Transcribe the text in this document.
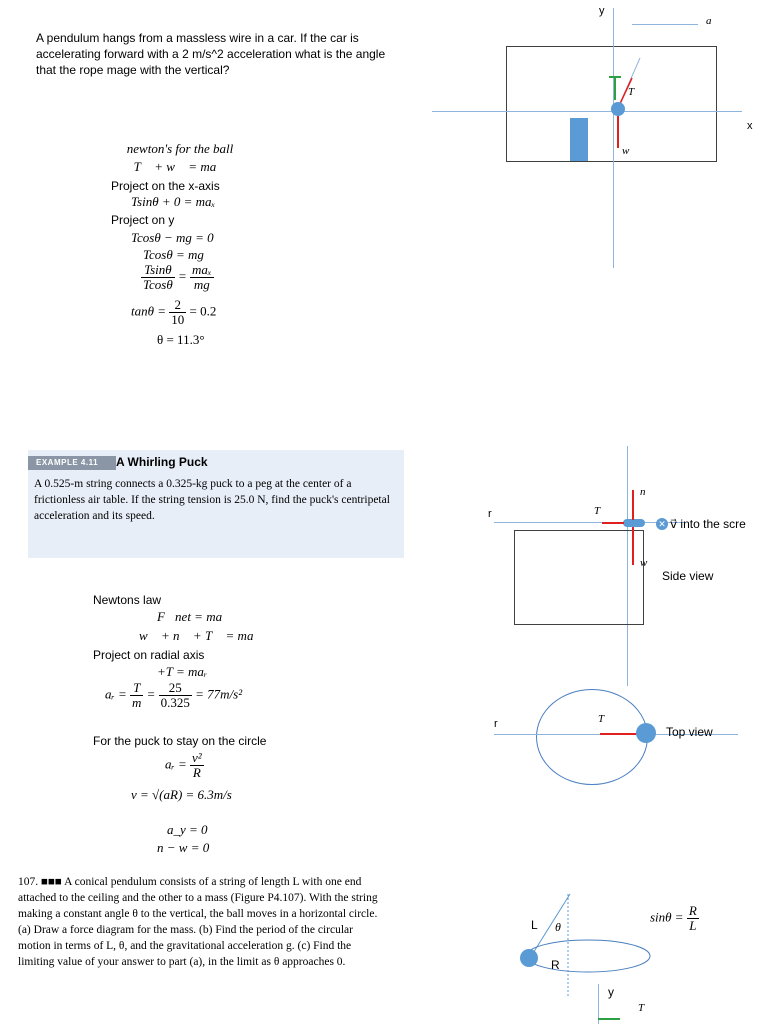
A pendulum hangs from a massless wire in a car. If the car is accelerating forward with a 2 m/s^2 acceleration what is the angle that the rope mage with the vertical?
newton's for the ball
T⃗ + w⃗ = ma⃗
Project on the x-axis
Tsinθ + 0 = maₓ
Project on y
Tcosθ − mg = 0
Tcosθ = mg
$\frac{Tsin\theta}{Tcos\theta} = \frac{\text{maₓ}}{mg}$
$\tan\theta = \frac{2}{10} = 0.2$
θ = 11.3°
y
x
a⃗
T⃗
w⃗
EXAMPLE 4.11	A Whirling Puck
A 0.525-m string connects a 0.325-kg puck to a peg at the center of a frictionless air table. If the string tension is 25.0 N, find the puck's centripetal acceleration and its speed.
Newtons law
F⃗net = ma⃗
w⃗ + n⃗ + T⃗ = ma⃗
Project on radial axis
+T = maᵣ
aᵣ = $\frac{T}{m} = \frac{25}{0.325} = 77m/s^2$
For the puck to stay on the circle
aᵣ = $\frac{\text{v²}}{R}$
v = √(aR) = 6.3m/s
a_y = 0
n − w = 0
r	T⃗
n⃗
w⃗
✕ v⃗ into the scre
Side view
r	T⃗
Top view
107. ■■■ A conical pendulum consists of a string of length L with one end attached to the ceiling and the other to a mass (Figure P4.107). With the string making a constant angle θ to the vertical, the ball moves in a horizontal circle. (a) Draw a force diagram for the mass. (b) Find the period of the circular motion in terms of L, θ, and the gravitational acceleration g. (c) Find the limiting value of your answer to part (a), in the limit as θ approaches 0.
L θ
R
$\sin\theta = \frac{R}{L}$
y
T⃗
